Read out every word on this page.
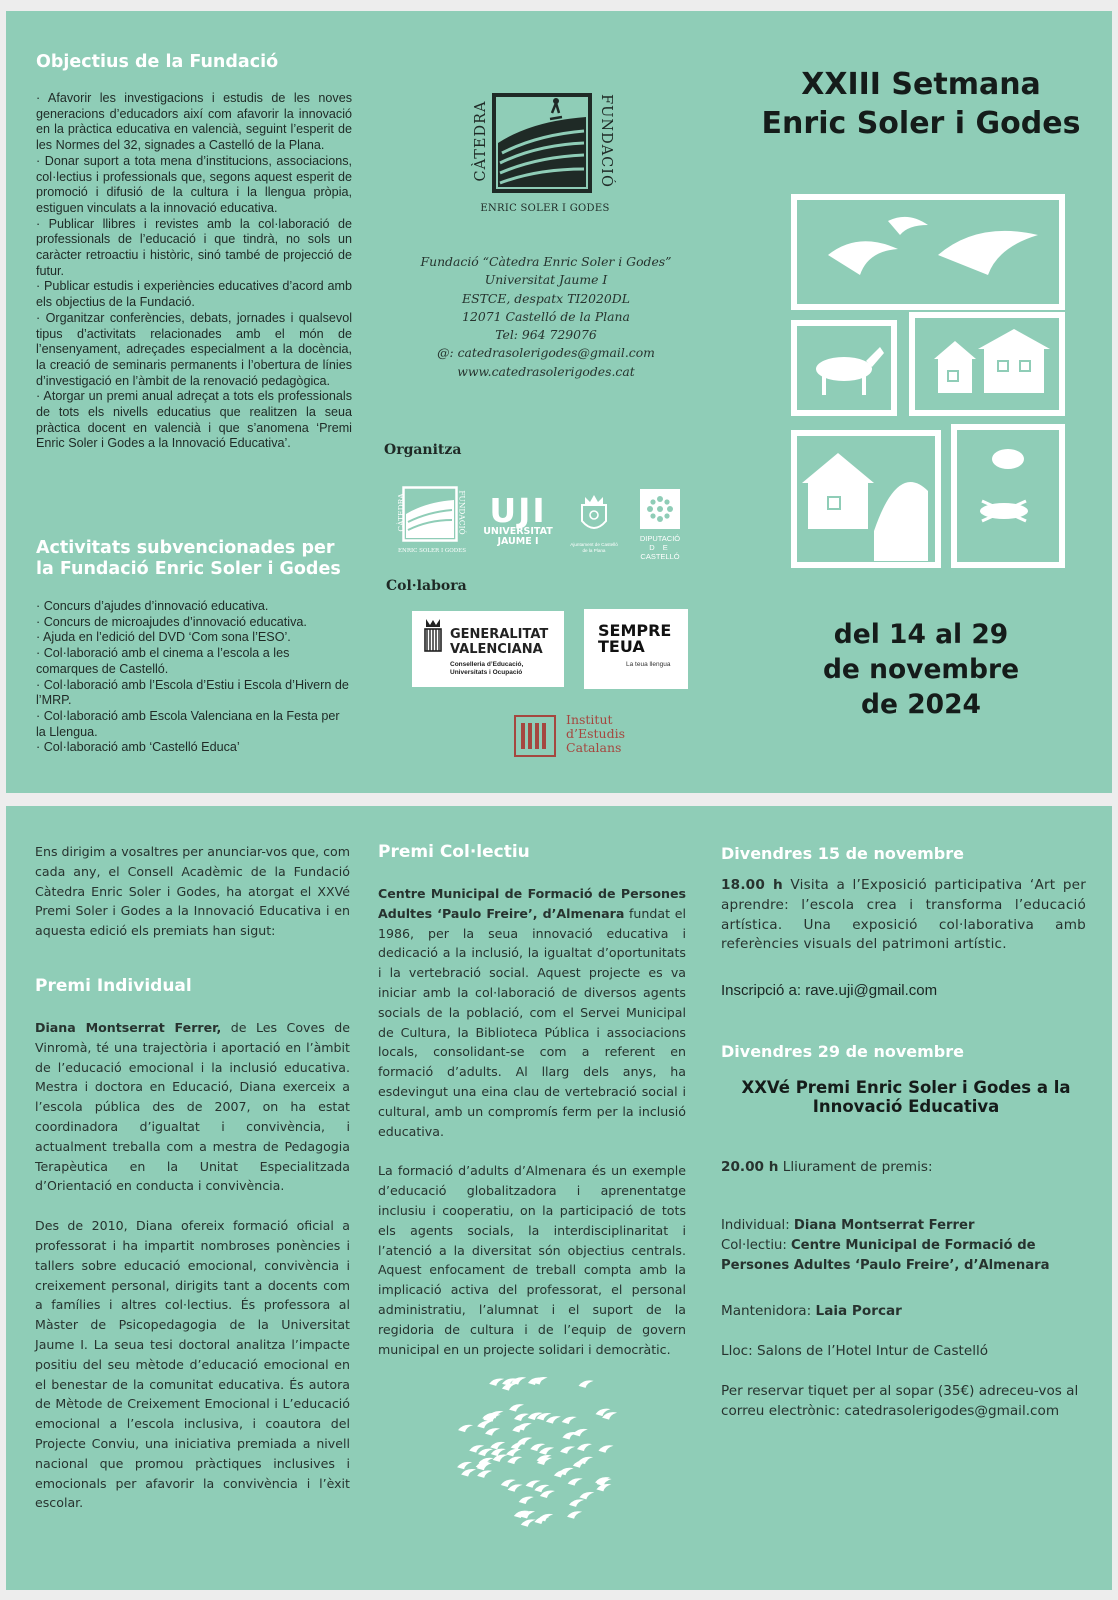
Objectius de la Fundació

· Afavorir les investigacions i estudis de les noves generacions d’educadors així com afavorir la innovació en la pràctica educativa en valencià, seguint l’esperit de les Normes del 32, signades a Castelló de la Plana.

· Donar suport a tota mena d’institucions, associacions, col·lectius i professionals que, segons aquest esperit de promoció i difusió de la cultura i la llengua pròpia, estiguen vinculats a la innovació educativa.

· Publicar llibres i revistes amb la col·laboració de professionals de l’educació i que tindrà, no sols un caràcter retroactiu i històric, sinó també de projecció de futur.

· Publicar estudis i experiències educatives d’acord amb els objectius de la Fundació.

· Organitzar conferències, debats, jornades i qualsevol tipus d’activitats relacionades amb el món de l’ensenyament, adreçades especialment a la docència, la creació de seminaris permanents i l’obertura de línies d’investigació en l’àmbit de la renovació pedagògica.

· Atorgar un premi anual adreçat a tots els professionals de tots els nivells educatius que realitzen la seua pràctica docent en valencià i que s’anomena ‘Premi Enric Soler i Godes a la Innovació Educativa’.

Activitats subvencionades per la Fundació Enric Soler i Godes

· Concurs d’ajudes d’innovació educativa.

· Concurs de microajudes d’innovació educativa.

· Ajuda en l’edició del DVD ‘Com sona l’ESO’.

· Col·laboració amb el cinema a l’escola a les comarques de Castelló.

· Col·laboració amb l’Escola d’Estiu i Escola d’Hivern de l’MRP.

· Col·laboració amb Escola Valenciana en la Festa per la Llengua.

· Col·laboració amb ‘Castelló Educa’

CÀTEDRA	FUNDACIÓ
ENRIC SOLER I GODES
Fundació “Càtedra Enric Soler i Godes”
Universitat Jaume I
ESTCE, despatx TI2020DL
12071 Castelló de la Plana
Tel: 964 729076
@: catedrasolerigodes@gmail.com
www.catedrasolerigodes.cat
Organitza
CÀTEDRA	FUNDACIÓ
ENRIC SOLER I GODES
UJI
UNIVERSITAT
JAUME I	Ajuntament de Castelló de la Plana
DIPUTACIÓ
D E
CASTELLÓ
Col·labora
GENERALITAT
VALENCIANA
Conselleria d’Educació,
Universitats i Ocupació
SEMPRE
TEUA
La teua llengua
Institut
d’Estudis
Catalans
XXIII Setmana
Enric Soler i Godes
del 14 al 29
de novembre
de 2024
Ens dirigim a vosaltres per anunciar-vos que, com cada any, el Consell Acadèmic de la Fundació Càtedra Enric Soler i Godes, ha atorgat el XXVé Premi Soler i Godes a la Innovació Educativa i en aquesta edició els premiats han sigut:
Premi Individual

Diana Montserrat Ferrer, de Les Coves de Vinromà, té una trajectòria i aportació en l’àmbit de l’educació emocional i la inclusió educativa. Mestra i doctora en Educació, Diana exerceix a l’escola pública des de 2007, on ha estat coordinadora d’igualtat i convivència, i actualment treballa com a mestra de Pedagogia Terapèutica en la Unitat Especialitzada d’Orientació en conducta i convivència.

Des de 2010, Diana ofereix formació oficial a professorat i ha impartit nombroses ponències i tallers sobre educació emocional, convivència i creixement personal, dirigits tant a docents com a famílies i altres col·lectius. És professora al Màster de Psicopedagogia de la Universitat Jaume I. La seua tesi doctoral analitza l’impacte positiu del seu mètode d’educació emocional en el benestar de la comunitat educativa. És autora de Mètode de Creixement Emocional i L’educació emocional a l’escola inclusiva, i coautora del Projecte Conviu, una iniciativa premiada a nivell nacional que promou pràctiques inclusives i emocionals per afavorir la convivència i l’èxit escolar.

Premi Col·lectiu

Centre Municipal de Formació de Persones Adultes ‘Paulo Freire’, d’Almenara fundat el 1986, per la seua innovació educativa i dedicació a la inclusió, la igualtat d’oportunitats i la vertebració social. Aquest projecte es va iniciar amb la col·laboració de diversos agents socials de la població, com el Servei Municipal de Cultura, la Biblioteca Pública i associacions locals, consolidant-se com a referent en formació d’adults. Al llarg dels anys, ha esdevingut una eina clau de vertebració social i cultural, amb un compromís ferm per la inclusió educativa.

La formació d’adults d’Almenara és un exemple d’educació globalitzadora i aprenentatge inclusiu i cooperatiu, on la participació de tots els agents socials, la interdisciplinaritat i l’atenció a la diversitat són objectius centrals. Aquest enfocament de treball compta amb la implicació activa del professorat, el personal administratiu, l’alumnat i el suport de la regidoria de cultura i de l’equip de govern municipal en un projecte solidari i democràtic.

Divendres 15 de novembre

18.00 h Visita a l’Exposició participativa ‘Art per aprendre: l’escola crea i transforma l’educació artística. Una exposició col·laborativa amb referències visuals del patrimoni artístic.

Inscripció a: rave.uji@gmail.com
Divendres 29 de novembre
XXVé Premi Enric Soler i Godes a la
Innovació Educativa

20.00 h Lliurament de premis:

Individual: Diana Montserrat Ferrer

Col·lectiu: Centre Municipal de Formació de Persones Adultes ‘Paulo Freire’, d’Almenara

Mantenidora: Laia Porcar

Lloc: Salons de l’Hotel Intur de Castelló
Per reservar tiquet per al sopar (35€) adreceu-vos al correu electrònic: catedrasolerigodes@gmail.com
